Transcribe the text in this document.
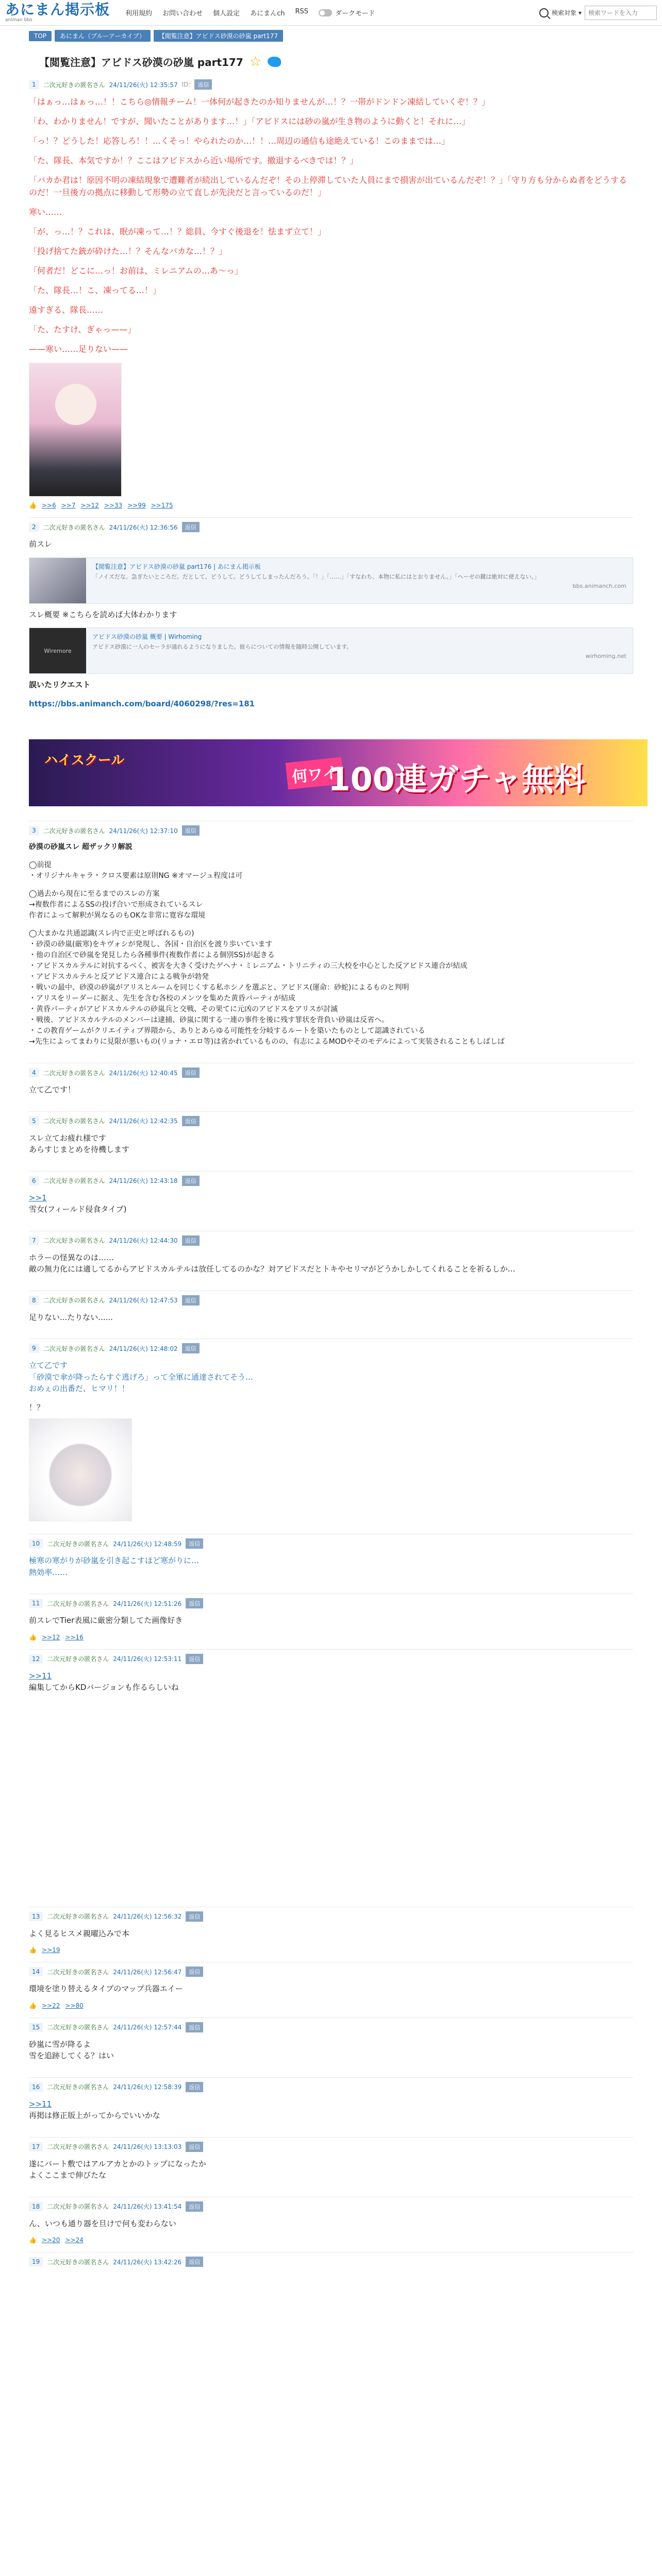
あにまん掲示板
animan bbs
利用規約 お問い合わせ 個人設定 あにまんch RSS	ダークモード	検索対象 ▾
検索ワードを入力
TOP	あにまん（ブルーアーカイブ）	【閲覧注意】アビドス砂漠の砂嵐 part177
【閲覧注意】アビドス砂漠の砂嵐 part177 ☆
1	二次元好きの匿名さん 24/11/26(火) 12:35:57 ID:	返信

「はぁっ…はぁっ…！！こちら◎情報チーム！一体何が起きたのか知りませんが…！？一帯がドンドン凍結していくぞ！？」

「わ、わかりません！ですが、聞いたことがあります…！」「アビドスには砂の嵐が生き物のように動くと！それに…」

「っ！？どうした！応答しろ！！…くそっ！やられたのか…！！…周辺の通信も途絶えている！このままでは…」

「た、隊長、本気ですか！？ここはアビドスから近い場所です。撤退するべきでは！？」

「バカか君は！原因不明の凍結現象で遭難者が続出しているんだぞ！その上停滞していた人員にまで損害が出ているんだぞ！？」「守り方も分からぬ者をどうするのだ！一旦後方の拠点に移動して形勢の立て直しが先決だと言っているのだ！」

寒い……

「が、っ…！？これは、眠が凍って…！？総員、今すぐ後退を！怯まず立て！」

「投げ捨てた銃が砕けた…！？そんなバカな…！？」

「何者だ！どこに…っ！お前は、ミレニアムの…あ〜っ」

「た、隊長…！こ、凍ってる…！」

遠すぎる、隊長……

「た、たすけ、ぎゃっ——」

——寒い……足りない——

👍 >>6 >>7 >>12 >>33 >>99 >>175
2	二次元好きの匿名さん 24/11/26(火) 12:36:56	返信

前スレ

【閲覧注意】アビドス砂漠の砂嵐 part176 | あにまん掲示板
「ノイズだな。急ぎたいところだ。だとして、どうして。どうしてしまったんだろう。「！」「……」「すなわち、本物に私にはとおりません。」「ヘーゼの鍵は絶対に使えない。」
bbs.animanch.com

スレ概要 ※こちらを読めば大体わかります

Wiremore
アビドス砂漠の砂嵐 概要 | Wirhoming
アビドス砂漠に一人のセーラが通れるようになりました。彼らについての情報を随時公開しています。
wirhoming.net

誤いたリクエスト

https://bbs.animanch.com/board/4060298/?res=181

ハイスクール
何ワイ
100連ガチャ無料
3	二次元好きの匿名さん 24/11/26(火) 12:37:10	返信

砂漠の砂嵐スレ 超ザックリ解説

◯前提

・オリジナルキャラ・クロス要素は原則NG ※オマージュ程度は可

◯過去から現在に至るまでのスレの方案

→複数作者によるSSの投げ合いで形成されているスレ

作者によって解釈が異なるのもOKな非常に寛容な環境

◯大まかな共通認識(スレ内で正史と呼ばれるもの)

・砂漠の砂嵐(厳寒)をキヴォシが発現し、各国・自治区を渡り歩いています

・他の自治区で砂嵐を発見したら各種事件(複数作者による個別SS)が起きる

・アビドスカルテルに対抗するべく、被害を大きく受けたゲヘナ・ミレニアム・トリニティの三大校を中心とした反アビドス連合が結成

・アビドスカルテルと反アビドス連合による戦争が勃発

・戦いの最中、砂漠の砂嵐がアリスとルームを同じくする私ホシノを選ぶと、アビドス(運命：砂蛇)によるものと判明

・アリスをリーダーに据え、先生を含む各校のメンツを集めた黄昏パーティが結成

・黄昏パーティがアビドスカルテルの砂嵐兵と交戦、その果てに元凶のアビドスをアリスが討滅

・戦後、アビドスカルテルのメンバーは逮捕、砂嵐に関する一連の事件を後に残す罪状を背負い砂嵐は反省へ。

・この教育ゲームがクリエイティブ界隈から、ありとあらゆる可能性を分岐するルートを築いたものとして認識されている

→先生によってまわりに見限が悪いもの(リョナ・エロ等)は省かれているものの、有志によるMODやそのモデルによって実装されることもしばしば

4	二次元好きの匿名さん 24/11/26(火) 12:40:45	返信

立て乙です！

5	二次元好きの匿名さん 24/11/26(火) 12:42:35	返信

スレ立てお疲れ様です

あらすじまとめを待機します

6	二次元好きの匿名さん 24/11/26(火) 12:43:18	返信

>>1

雪女(フィールド侵食タイプ)

7	二次元好きの匿名さん 24/11/26(火) 12:44:30	返信

ホラーの怪異なのは……

敵の無力化には適してるからアビドスカルテルは放任してるのかな？対アビドスだとトキやセリマがどうかしかしてくれることを祈るしか…

8	二次元好きの匿名さん 24/11/26(火) 12:47:53	返信

足りない...たりない......

9	二次元好きの匿名さん 24/11/26(火) 12:48:02	返信

立て乙です

「砂漠で傘が降ったらすぐ逃げろ」って全軍に通達されてそう…

おめぇの出番だ、ヒマリ！！

！？

10	二次元好きの匿名さん 24/11/26(火) 12:48:59	返信

極寒の寒がりが砂嵐を引き起こすほど寒がりに…

熱効率……

11	二次元好きの匿名さん 24/11/26(火) 12:51:26	返信

前スレでTier表風に厳密分類してた画像好き

👍 >>12 >>16
12	二次元好きの匿名さん 24/11/26(火) 12:53:11	返信

>>11

編集してからKDバージョンも作るらしいね

13	二次元好きの匿名さん 24/11/26(火) 12:56:32	返信

よく見るヒスメ親曜込みで本

👍 >>19
14	二次元好きの匿名さん 24/11/26(火) 12:56:47	返信

環境を塗り替えるタイプのマップ兵器エイー

👍 >>22 >>80
15	二次元好きの匿名さん 24/11/26(火) 12:57:44	返信

砂嵐に雪が降るよ

雪を追跡してくる？はい

16	二次元好きの匿名さん 24/11/26(火) 12:58:39	返信

>>11

再掲は修正版上がってからでいいかな

17	二次元好きの匿名さん 24/11/26(火) 13:13:03	返信

遂にバート敷ではアルアカとかのトップになったか

よくここまで伸びたな

18	二次元好きの匿名さん 24/11/26(火) 13:41:54	返信

ん、いつも通り器を旦けで何も変わらない

👍 >>20 >>24
19	二次元好きの匿名さん 24/11/26(火) 13:42:26	返信
